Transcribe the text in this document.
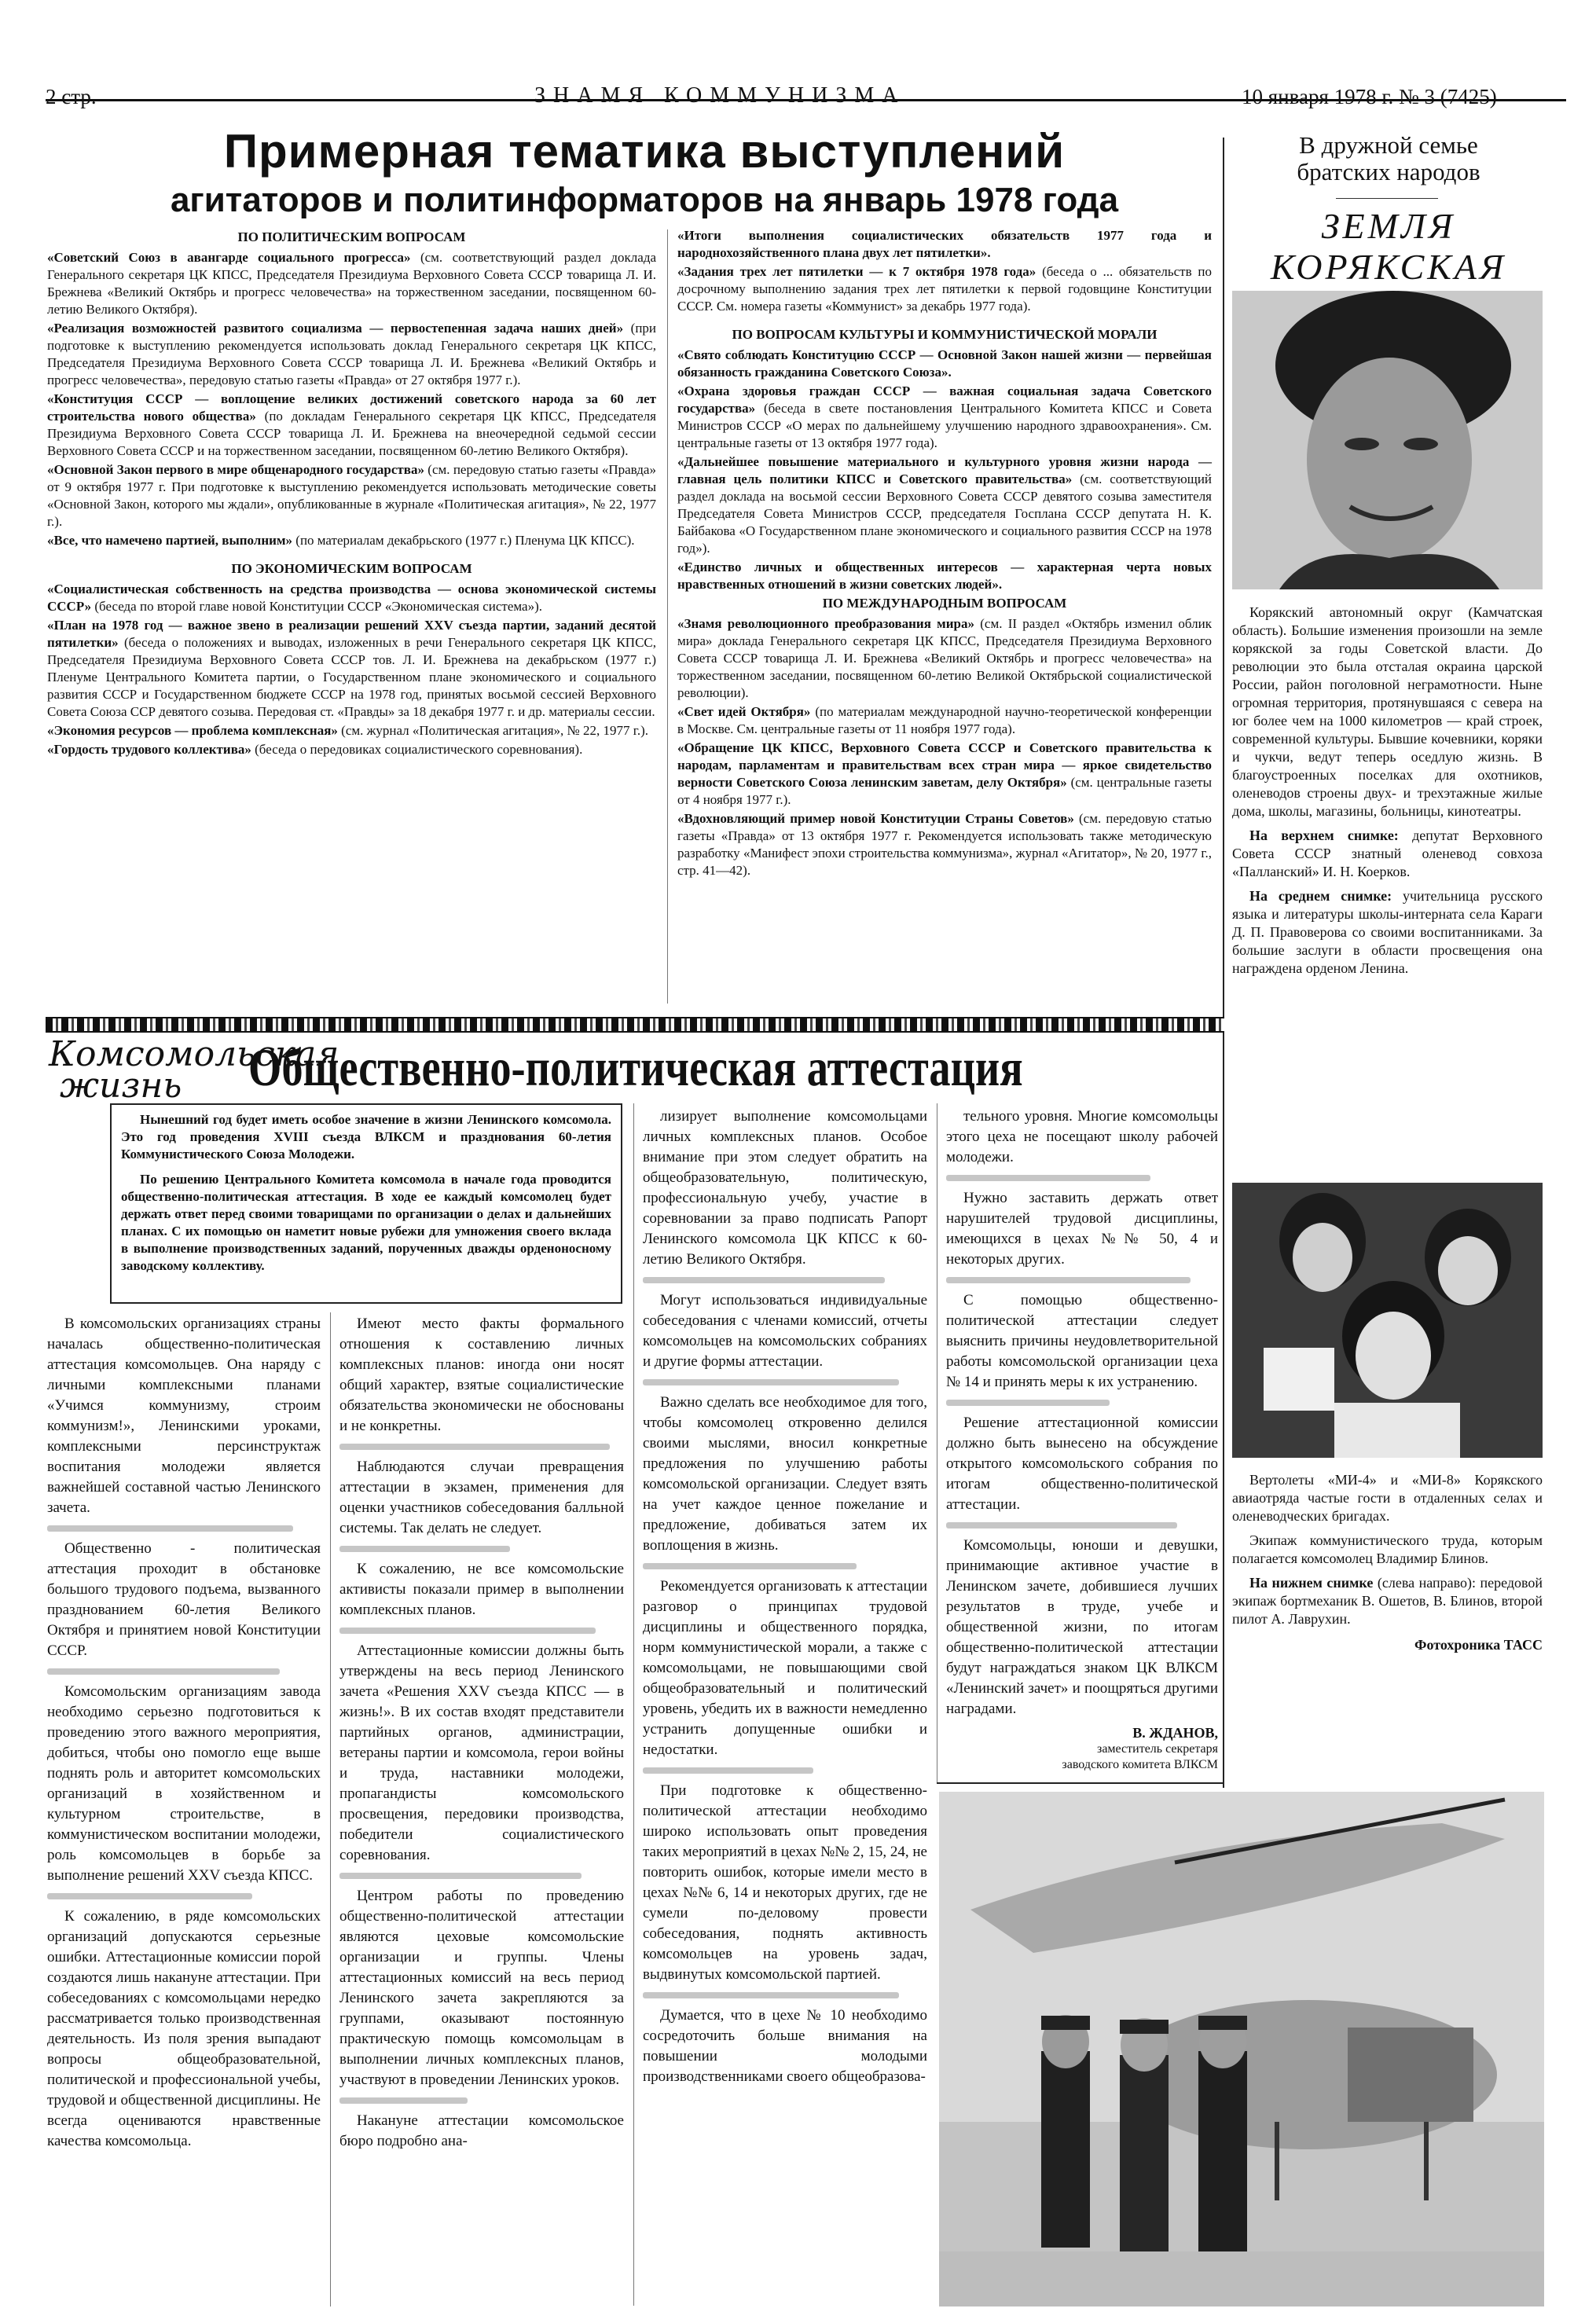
2 стр.	ЗНАМЯ КОММУНИЗМА	10 января 1978 г. № 3 (7425)
Примерная тематика выступлений
агитаторов и политинформаторов на январь 1978 года
ПО ПОЛИТИЧЕСКИМ ВОПРОСАМ

«Советский Союз в авангарде социального прогресса» (см. соответствующий раздел доклада Генерального секретаря ЦК КПСС, Председателя Президиума Верховного Совета СССР товарища Л. И. Брежнева «Великий Октябрь и прогресс человечества» на торжественном заседании, посвященном 60-летию Великого Октября).

«Реализация возможностей развитого социализма — первостепенная задача наших дней» (при подготовке к выступлению рекомендуется использовать доклад Генерального секретаря ЦК КПСС, Председателя Президиума Верховного Совета СССР товарища Л. И. Брежнева «Великий Октябрь и прогресс человечества», передовую статью газеты «Правда» от 27 октября 1977 г.).

«Конституция СССР — воплощение великих достижений советского народа за 60 лет строительства нового общества» (по докладам Генерального секретаря ЦК КПСС, Председателя Президиума Верховного Совета СССР товарища Л. И. Брежнева на внеочередной седьмой сессии Верховного Совета СССР и на торжественном заседании, посвященном 60-летию Великого Октября).

«Основной Закон первого в мире общенародного государства» (см. передовую статью газеты «Правда» от 9 октября 1977 г. При подготовке к выступлению рекомендуется использовать методические советы «Основной Закон, которого мы ждали», опубликованные в журнале «Политическая агитация», № 22, 1977 г.).

«Все, что намечено партией, выполним» (по материалам декабрьского (1977 г.) Пленума ЦК КПСС).

ПО ЭКОНОМИЧЕСКИМ ВОПРОСАМ

«Социалистическая собственность на средства производства — основа экономической системы СССР» (беседа по второй главе новой Конституции СССР «Экономическая система»).

«План на 1978 год — важное звено в реализации решений XXV съезда партии, заданий десятой пятилетки» (беседа о положениях и выводах, изложенных в речи Генерального секретаря ЦК КПСС, Председателя Президиума Верховного Совета СССР тов. Л. И. Брежнева на декабрьском (1977 г.) Пленуме Центрального Комитета партии, о Государственном плане экономического и социального развития СССР и Государственном бюджете СССР на 1978 год, принятых восьмой сессией Верховного Совета Союза ССР девятого созыва. Передовая ст. «Правды» за 18 декабря 1977 г. и др. материалы сессии.

«Экономия ресурсов — проблема комплексная» (см. журнал «Политическая агитация», № 22, 1977 г.).

«Гордость трудового коллектива» (беседа о передовиках социалистического соревнования).

«Итоги выполнения социалистических обязательств 1977 года и народнохозяйственного плана двух лет пятилетки».

«Задания трех лет пятилетки — к 7 октября 1978 года» (беседа о ... обязательств по досрочному выполнению задания трех лет пятилетки к первой годовщине Конституции СССР. См. номера газеты «Коммунист» за декабрь 1977 года).

ПО ВОПРОСАМ КУЛЬТУРЫ И КОММУНИСТИЧЕСКОЙ МОРАЛИ

«Свято соблюдать Конституцию СССР — Основной Закон нашей жизни — первейшая обязанность гражданина Советского Союза».

«Охрана здоровья граждан СССР — важная социальная задача Советского государства» (беседа в свете постановления Центрального Комитета КПСС и Совета Министров СССР «О мерах по дальнейшему улучшению народного здравоохранения». См. центральные газеты от 13 октября 1977 года).

«Дальнейшее повышение материального и культурного уровня жизни народа — главная цель политики КПСС и Советского правительства» (см. соответствующий раздел доклада на восьмой сессии Верховного Совета СССР девятого созыва заместителя Председателя Совета Министров СССР, председателя Госплана СССР депутата Н. К. Байбакова «О Государственном плане экономического и социального развития СССР на 1978 год»).

«Единство личных и общественных интересов — характерная черта новых нравственных отношений в жизни советских людей».

ПО МЕЖДУНАРОДНЫМ ВОПРОСАМ

«Знамя революционного преобразования мира» (см. II раздел «Октябрь изменил облик мира» доклада Генерального секретаря ЦК КПСС, Председателя Президиума Верховного Совета СССР товарища Л. И. Брежнева «Великий Октябрь и прогресс человечества» на торжественном заседании, посвященном 60-летию Великой Октябрьской социалистической революции).

«Свет идей Октября» (по материалам международной научно-теоретической конференции в Москве. См. центральные газеты от 11 ноября 1977 года).

«Обращение ЦК КПСС, Верховного Совета СССР и Советского правительства к народам, парламентам и правительствам всех стран мира — яркое свидетельство верности Советского Союза ленинским заветам, делу Октября» (см. центральные газеты от 4 ноября 1977 г.).

«Вдохновляющий пример новой Конституции Страны Советов» (см. передовую статью газеты «Правда» от 13 октября 1977 г. Рекомендуется использовать также методическую разработку «Манифест эпохи строительства коммунизма», журнал «Агитатор», № 20, 1977 г., стр. 41—42).

В дружной семье
братских народов
ЗЕМЛЯ
КОРЯКСКАЯ

Корякский автономный округ (Камчатская область). Большие изменения произошли на земле корякской за годы Советской власти. До революции это была отсталая окраина царской России, район поголовной неграмотности. Ныне огромная территория, протянувшаяся с севера на юг более чем на 1000 километров — край строек, современной культуры. Бывшие кочевники, коряки и чукчи, ведут теперь оседлую жизнь. В благоустроенных поселках для охотников, оленеводов строены двух- и трехэтажные жилые дома, школы, магазины, больницы, кинотеатры.

На верхнем снимке: депутат Верховного Совета СССР знатный оленевод совхоза «Палланский» И. Н. Коерков.

На среднем снимке: учительница русского языка и литературы школы-интерната села Караги Д. П. Правоверова со своими воспитанниками. За большие заслуги в области просвещения она награждена орденом Ленина.

Вертолеты «МИ-4» и «МИ-8» Корякского авиаотряда частые гости в отдаленных селах и оленеводческих бригадах.

Экипаж коммунистического труда, которым полагается комсомолец Владимир Блинов.

На нижнем снимке (слева направо): передовой экипаж бортмеханик В. Ошетов, В. Блинов, второй пилот А. Лаврухин.

Фотохроника ТАСС
Комсомольская
жизнь	Общественно-политическая аттестация

Нынешний год будет иметь особое значение в жизни Ленинского комсомола. Это год проведения XVIII съезда ВЛКСМ и празднования 60-летия Коммунистического Союза Молодежи.

По решению Центрального Комитета комсомола в начале года проводится общественно-политическая аттестация. В ходе ее каждый комсомолец будет держать ответ перед своими товарищами по организации о делах и дальнейших планах. С их помощью он наметит новые рубежи для умножения своего вклада в выполнение производственных заданий, порученных дважды орденоносному заводскому коллективу.

В комсомольских организациях страны началась общественно-политическая аттестация комсомольцев. Она наряду с личными комплексными планами «Учимся коммунизму, строим коммунизм!», Ленинскими уроками, комплексными персинструктаж воспитания молодежи является важнейшей составной частью Ленинского зачета.

Общественно - политическая аттестация проходит в обстановке большого трудового подъема, вызванного празднованием 60-летия Великого Октября и принятием новой Конституции СССР.

Комсомольским организациям завода необходимо серьезно подготовиться к проведению этого важного мероприятия, добиться, чтобы оно помогло еще выше поднять роль и авторитет комсомольских организаций в хозяйственном и культурном строительстве, в коммунистическом воспитании молодежи, роль комсомольцев в борьбе за выполнение решений XXV съезда КПСС.

К сожалению, в ряде комсомольских организаций допускаются серьезные ошибки. Аттестационные комиссии порой создаются лишь накануне аттестации. При собеседованиях с комсомольцами нередко рассматривается только производственная деятельность. Из поля зрения выпадают вопросы общеобразовательной, политической и профессиональной учебы, трудовой и общественной дисциплины. Не всегда оцениваются нравственные качества комсомольца.

Имеют место факты формального отношения к составлению личных комплексных планов: иногда они носят общий характер, взятые социалистические обязательства экономически не обоснованы и не конкретны.

Наблюдаются случаи превращения аттестации в экзамен, применения для оценки участников собеседования балльной системы. Так делать не следует.

К сожалению, не все комсомольские активисты показали пример в выполнении комплексных планов.

Аттестационные комиссии должны быть утверждены на весь период Ленинского зачета «Решения XXV съезда КПСС — в жизнь!». В их состав входят представители партийных органов, администрации, ветераны партии и комсомола, герои войны и труда, наставники молодежи, пропагандисты комсомольского просвещения, передовики производства, победители социалистического соревнования.

Центром работы по проведению общественно-политической аттестации являются цеховые комсомольские организации и группы. Члены аттестационных комиссий на весь период Ленинского зачета закрепляются за группами, оказывают постоянную практическую помощь комсомольцам в выполнении личных комплексных планов, участвуют в проведении Ленинских уроков.

Накануне аттестации комсомольское бюро подробно ана-

лизирует выполнение комсомольцами личных комплексных планов. Особое внимание при этом следует обратить на общеобразовательную, политическую, профессиональную учебу, участие в соревновании за право подписать Рапорт Ленинского комсомола ЦК КПСС к 60-летию Великого Октября.

Могут использоваться индивидуальные собеседования с членами комиссий, отчеты комсомольцев на комсомольских собраниях и другие формы аттестации.

Важно сделать все необходимое для того, чтобы комсомолец откровенно делился своими мыслями, вносил конкретные предложения по улучшению работы комсомольской организации. Следует взять на учет каждое ценное пожелание и предложение, добиваться затем их воплощения в жизнь.

Рекомендуется организовать к аттестации разговор о принципах трудовой дисциплины и общественного порядка, норм коммунистической морали, а также с комсомольцами, не повышающими свой общеобразовательный и политический уровень, убедить их в важности немедленно устранить допущенные ошибки и недостатки.

При подготовке к общественно-политической аттестации необходимо широко использовать опыт проведения таких мероприятий в цехах №№ 2, 15, 24, не повторить ошибок, которые имели место в цехах №№ 6, 14 и некоторых других, где не сумели по-деловому провести собеседования, поднять активность комсомольцев на уровень задач, выдвинутых комсомольской партией.

Думается, что в цехе № 10 необходимо сосредоточить больше внимания на повышении молодыми производственниками своего общеобразова-

тельного уровня. Многие комсомольцы этого цеха не посещают школу рабочей молодежи.

Нужно заставить держать ответ нарушителей трудовой дисциплины, имеющихся в цехах №№ 50, 4 и некоторых других.

С помощью общественно-политической аттестации следует выяснить причины неудовлетворительной работы комсомольской организации цеха № 14 и принять меры к их устранению.

Решение аттестационной комиссии должно быть вынесено на обсуждение открытого комсомольского собрания по итогам общественно-политической аттестации.

Комсомольцы, юноши и девушки, принимающие активное участие в Ленинском зачете, добившиеся лучших результатов в труде, учебе и общественной жизни, по итогам общественно-политической аттестации будут награждаться знаком ЦК ВЛКСМ «Ленинский зачет» и поощряться другими наградами.

В. ЖДАНОВ,
заместитель секретаря
заводского комитета ВЛКСМ
